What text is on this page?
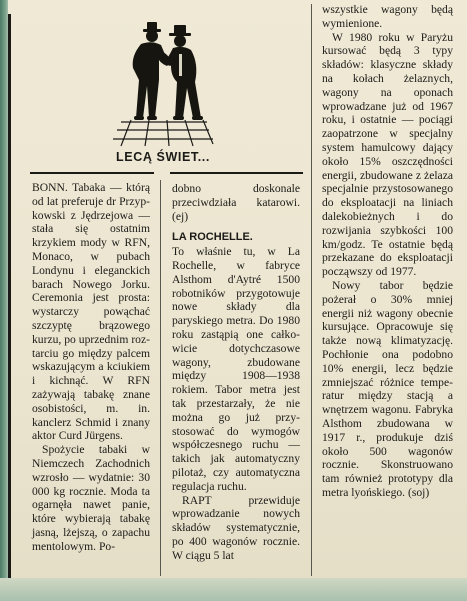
LECĄ ŚWIET...

BONN. Tabaka — którą od lat preferuje dr Przypkowski z Jędrzejowa — stała się ostatnim krzykiem mody w RFN, Monaco, w pubach Londynu i eleganckich barach Nowego Jorku. Ceremonia jest prosta: wystarczy powąchać szczyptę brązowego kurzu, po uprzednim roztarciu go między palcem wskazującym a kciukiem i kichnąć. W RFN zażywają tabakę znane osobistości, m. in. kanclerz Schmid i znany aktor Curd Jürgens.

Spożycie tabaki w Niemczech Zachodnich wzrosło — wydatnie: 30 000 kg rocznie. Moda ta ogarnęła nawet panie, które wybierają tabakę jasną, lżejszą, o zapachu mentolowym. Po-

dobno doskonale przeciwdziała katarowi. (ej)

LA ROCHELLE.

To właśnie tu, w La Rochelle, w fabryce Alsthom d'Aytré 1500 robotników przygotowuje nowe składy dla paryskiego metra. Do 1980 roku zastąpią one całkowicie dotychczasowe wagony, zbudowane między 1908—1938 rokiem. Tabor metra jest tak przestarzały, że nie można go już przystosować do wymogów współczesnego ruchu — takich jak automatyczny pilotaż, czy automatyczna regulacja ruchu.

RAPT przewiduje wprowadzanie nowych składów systematycznie, po 400 wagonów rocznie. W ciągu 5 lat

wszystkie wagony będą wymienione.

W 1980 roku w Paryżu kursować będą 3 typy składów: klasyczne składy na kołach żelaznych, wagony na oponach wprowadzane już od 1967 roku, i ostatnie — pociągi zaopatrzone w specjalny system hamulcowy dający około 15% oszczędności energii, zbudowane z żelaza specjalnie przystosowanego do eksploatacji na liniach dalekobieżnych i do rozwijania szybkości 100 km/godz. Te ostatnie będą przekazane do eksploatacji począwszy od 1977.

Nowy tabor będzie pożerał o 30% mniej energii niż wagony obecnie kursujące. Opracowuje się także nową klimatyzację. Pochłonie ona podobno 10% energii, lecz będzie zmniejszać różnice temperatur między stacją a wnętrzem wagonu. Fabryka Alsthom zbudowana w 1917 r., produkuje dziś około 500 wagonów rocznie. Skonstruowano tam również prototypy dla metra lyońskiego. (soj)
